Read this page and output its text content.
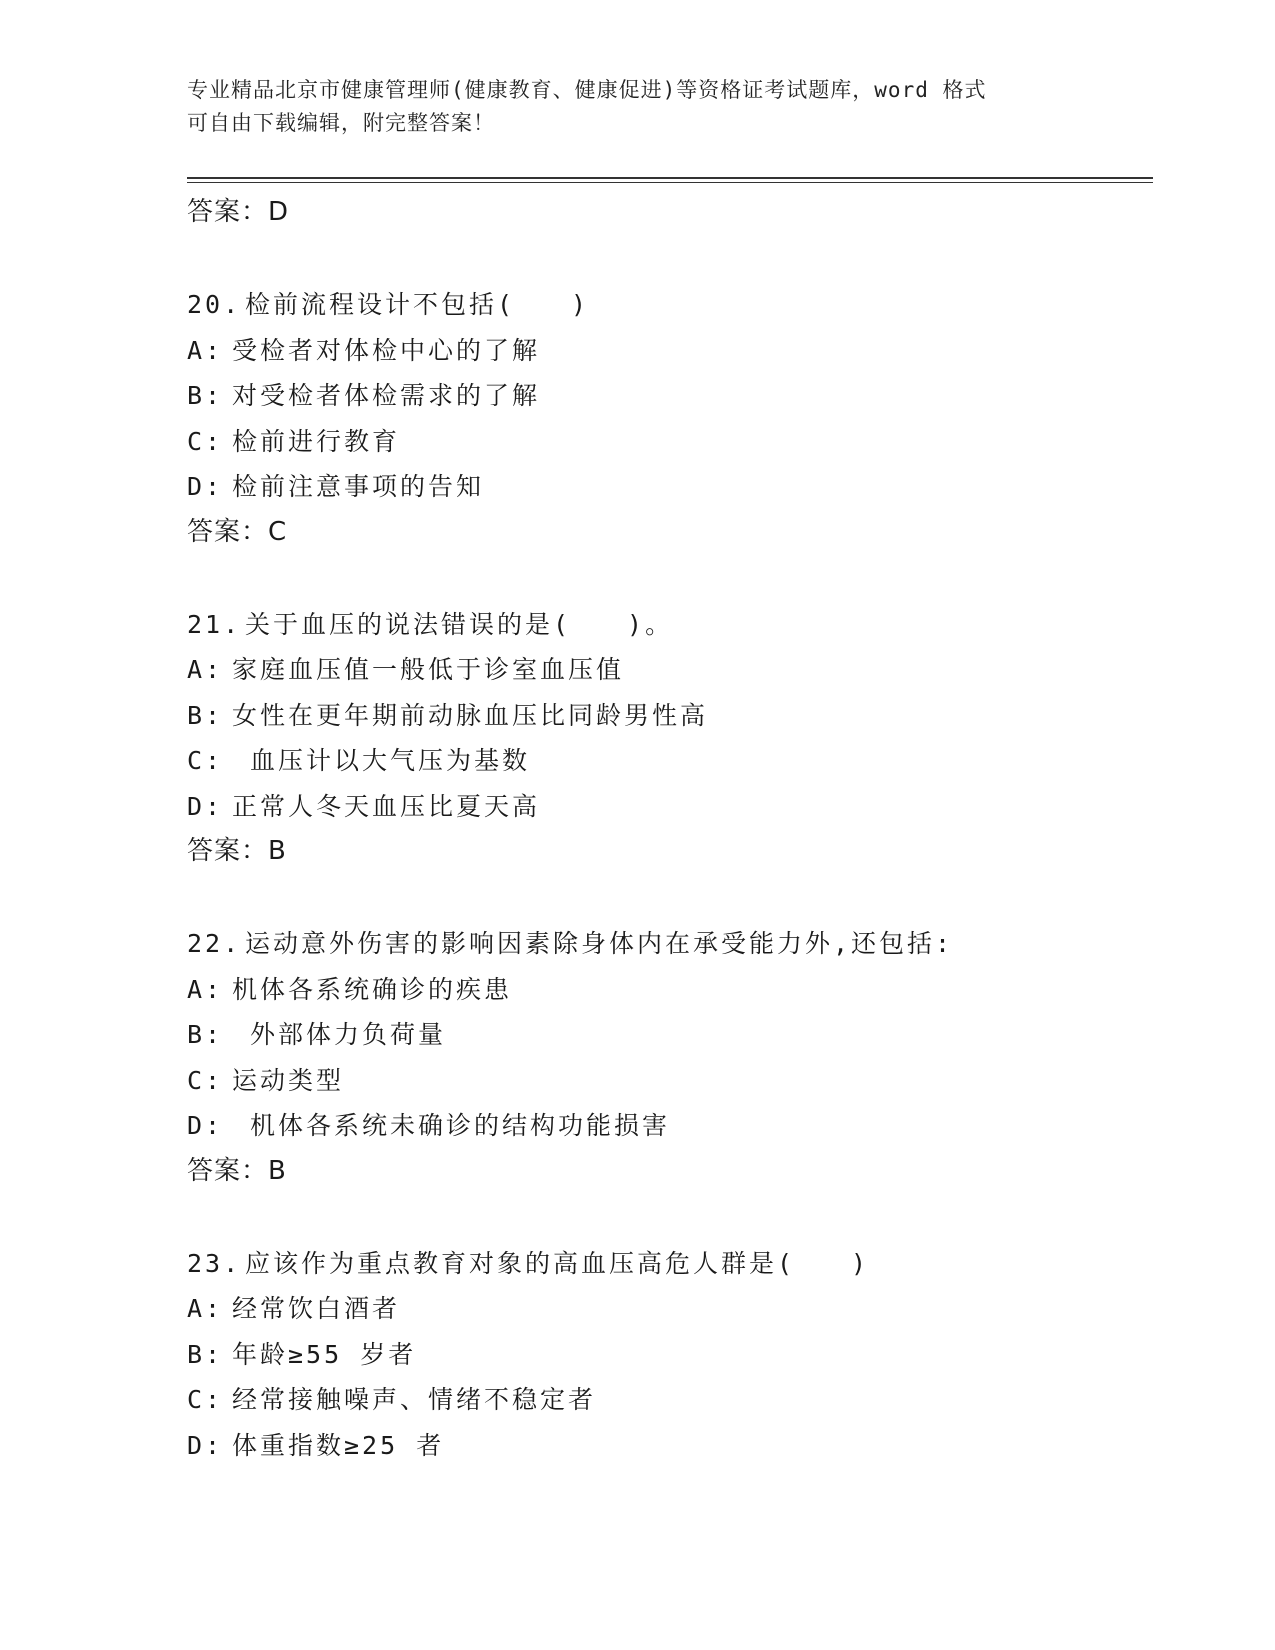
专业精品北京市健康管理师(健康教育、健康促进)等资格证考试题库，word 格式
可自由下载编辑，附完整答案！
答案：D
20. 检前流程设计不包括(　　)
A: 受检者对体检中心的了解
B: 对受检者体检需求的了解
C: 检前进行教育
D: 检前注意事项的告知
答案：C
21. 关于血压的说法错误的是(　　)。
A: 家庭血压值一般低于诊室血压值
B: 女性在更年期前动脉血压比同龄男性高
C: 血压计以大气压为基数
D: 正常人冬天血压比夏天高
答案：B
22. 运动意外伤害的影响因素除身体内在承受能力外,还包括:
A: 机体各系统确诊的疾患
B: 外部体力负荷量
C: 运动类型
D: 机体各系统未确诊的结构功能损害
答案：B
23. 应该作为重点教育对象的高血压高危人群是(　　)
A: 经常饮白酒者
B: 年龄≥55 岁者
C: 经常接触噪声、情绪不稳定者
D: 体重指数≥25 者
